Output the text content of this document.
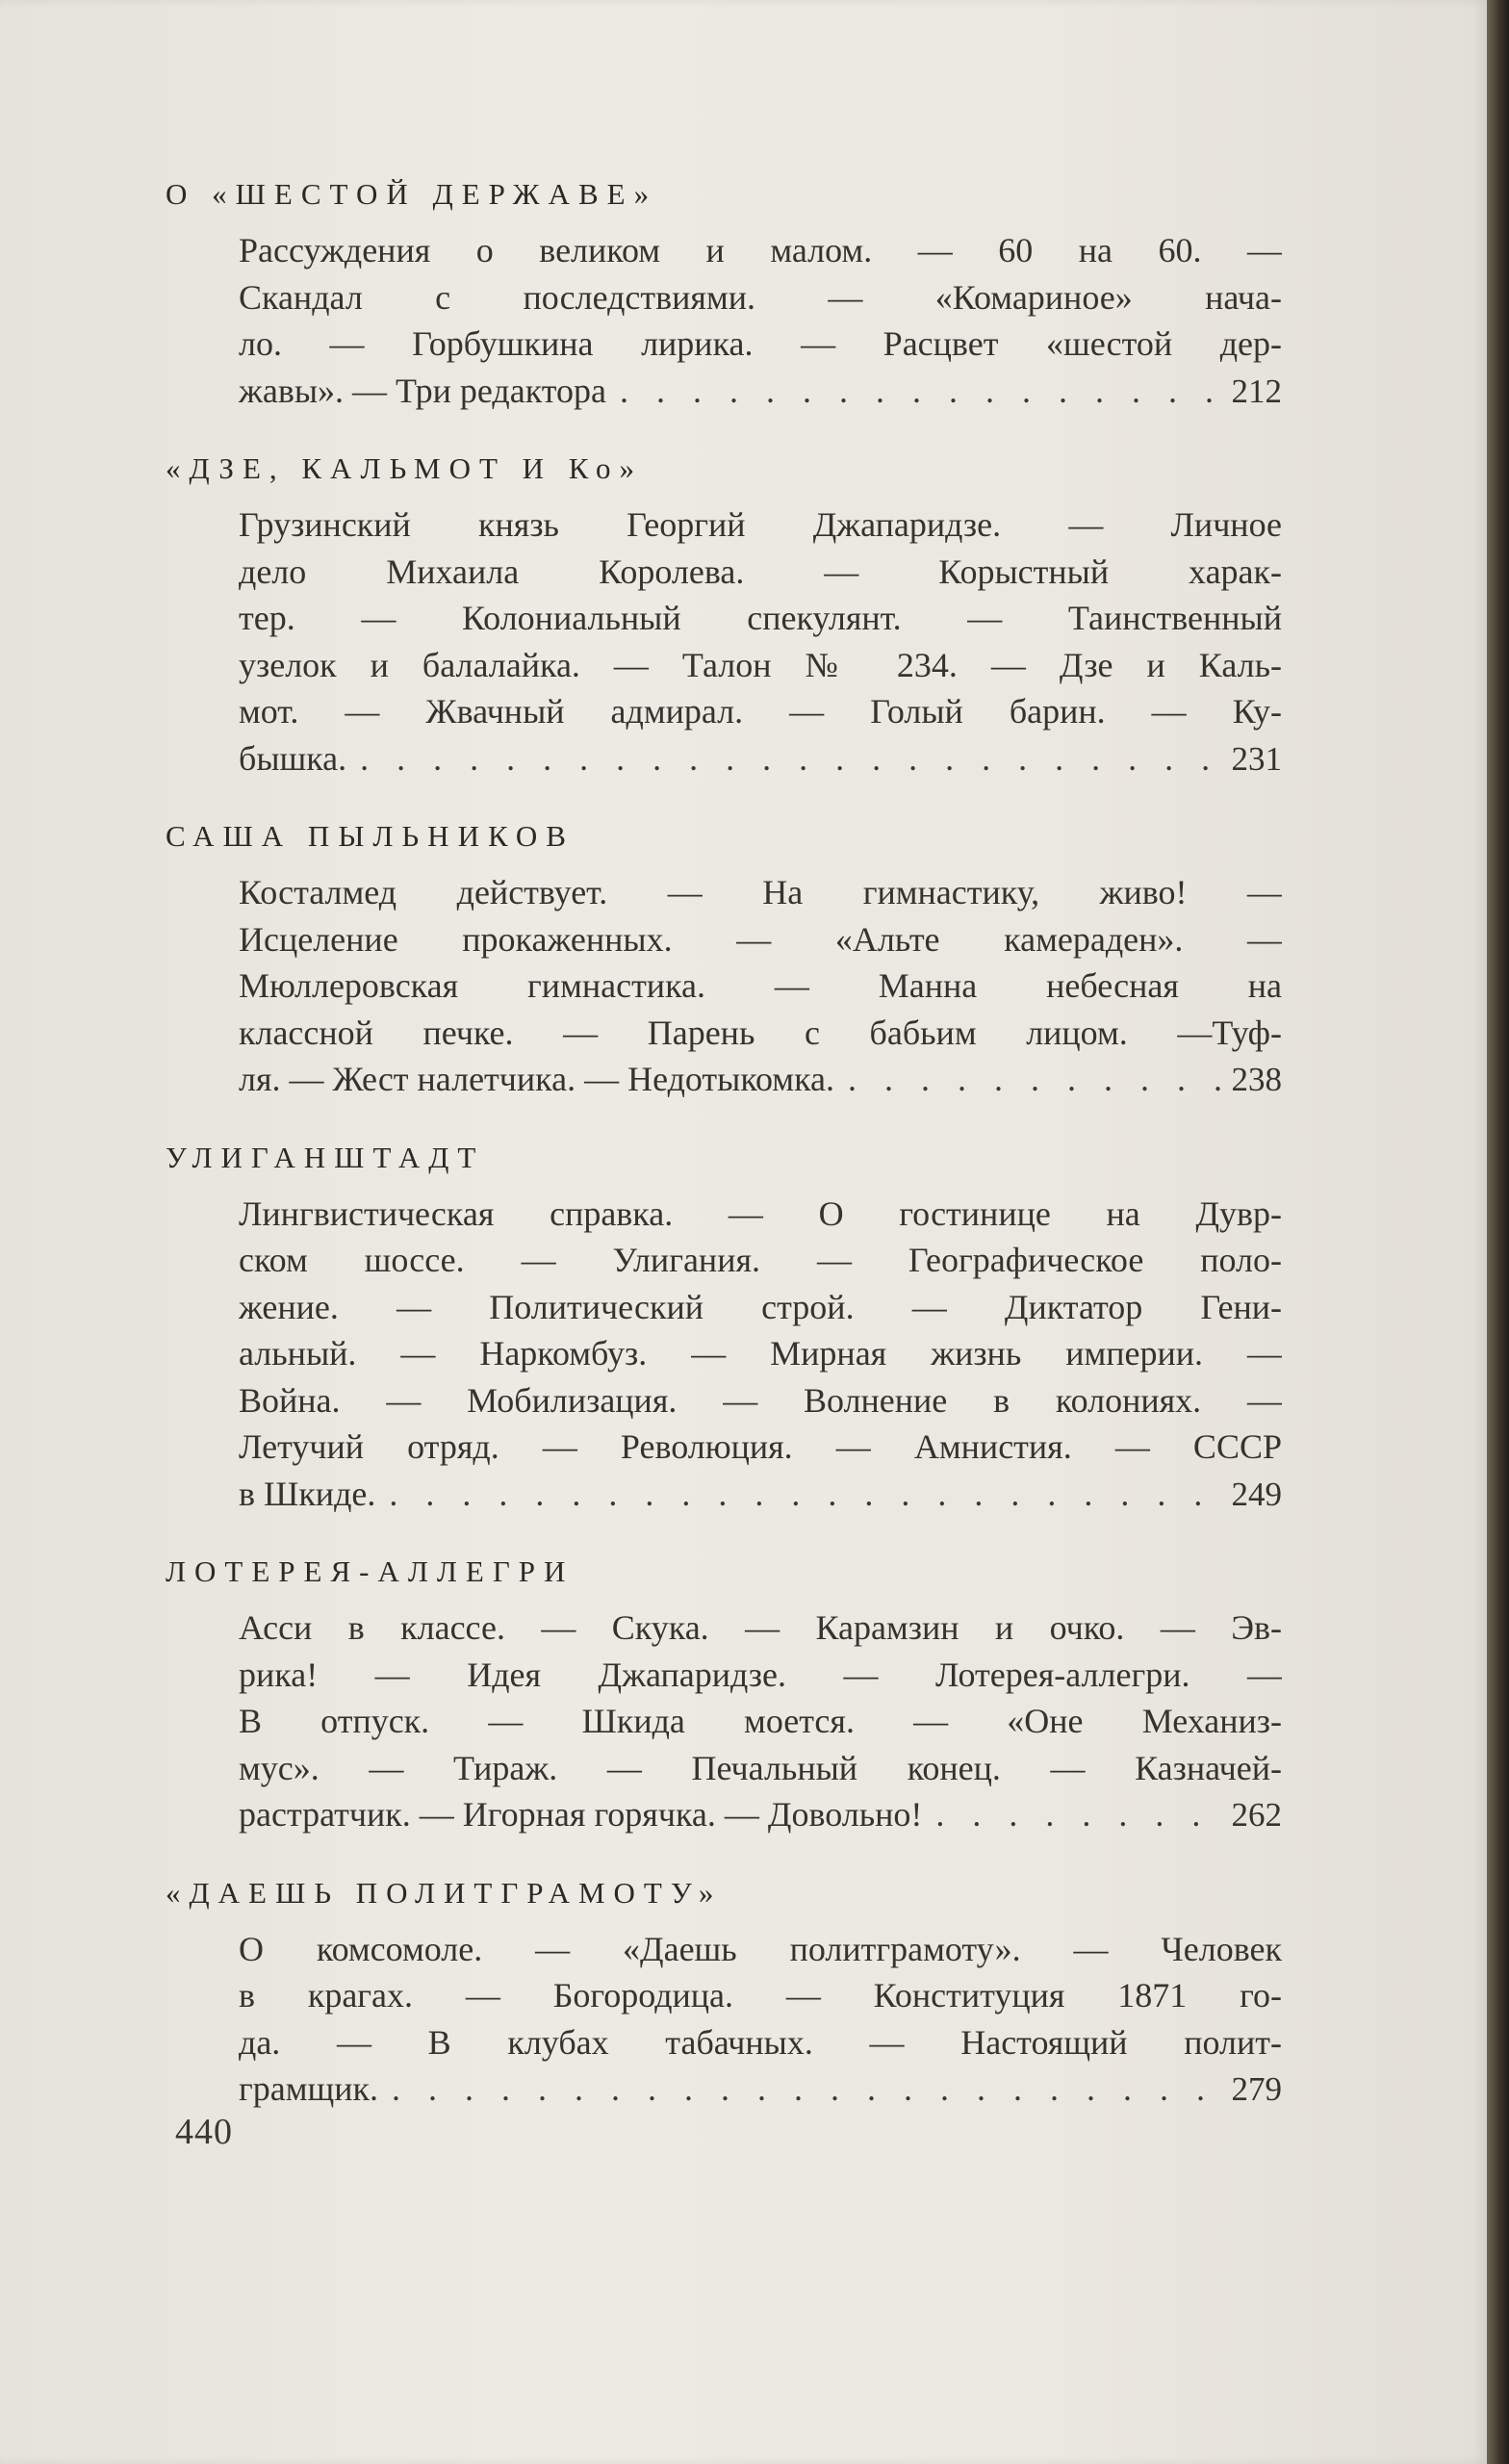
О «ШЕСТОЙ ДЕРЖАВЕ»
Рассуждения о великом и малом. — 60 на 60. —
Скандал с последствиями. — «Комариное» нача-
ло. — Горбушкина лирика. — Расцвет «шестой дер-
жавы». — Три редактора . . .	212
«ДЗЕ, КАЛЬМОТ И Ко»
Грузинский князь Георгий Джапаридзе. — Личное
дело Михаила Королева. — Корыстный харак-
тер. — Колониальный спекулянт. — Таинственный
узелок и балалайка. — Талон № 234. — Дзе и Каль-
мот. — Жвачный адмирал. — Голый барин. — Ку-
бышка. . . .	231
САША ПЫЛЬНИКОВ
Косталмед действует. — На гимнастику, живо! —
Исцеление прокаженных. — «Альте камераден». —
Мюллеровская гимнастика. — Манна небесная на
классной печке. — Парень с бабьим лицом. —Туф-
ля. — Жест налетчика. — Недотыкомка. . . .	238
УЛИГАНШТАДТ
Лингвистическая справка. — О гостинице на Дувр-
ском шоссе. — Улигания. — Географическое поло-
жение. — Политический строй. — Диктатор Гени-
альный. — Наркомбуз. — Мирная жизнь империи. —
Война. — Мобилизация. — Волнение в колониях. —
Летучий отряд. — Революция. — Амнистия. — СССР
в Шкиде. . . .	249
ЛОТЕРЕЯ-АЛЛЕГРИ
Асси в классе. — Скука. — Карамзин и очко. — Эв-
рика! — Идея Джапаридзе. — Лотерея-аллегри. —
В отпуск. — Шкида моется. — «Оне Механиз-
мус». — Тираж. — Печальный конец. — Казначей-
растратчик. — Игорная горячка. — Довольно! . . .	262
«ДАЕШЬ ПОЛИТГРАМОТУ»
О комсомоле. — «Даешь политграмоту». — Человек
в крагах. — Богородица. — Конституция 1871 го-
да. — В клубах табачных. — Настоящий полит-
грамщик. . . .	279
440
